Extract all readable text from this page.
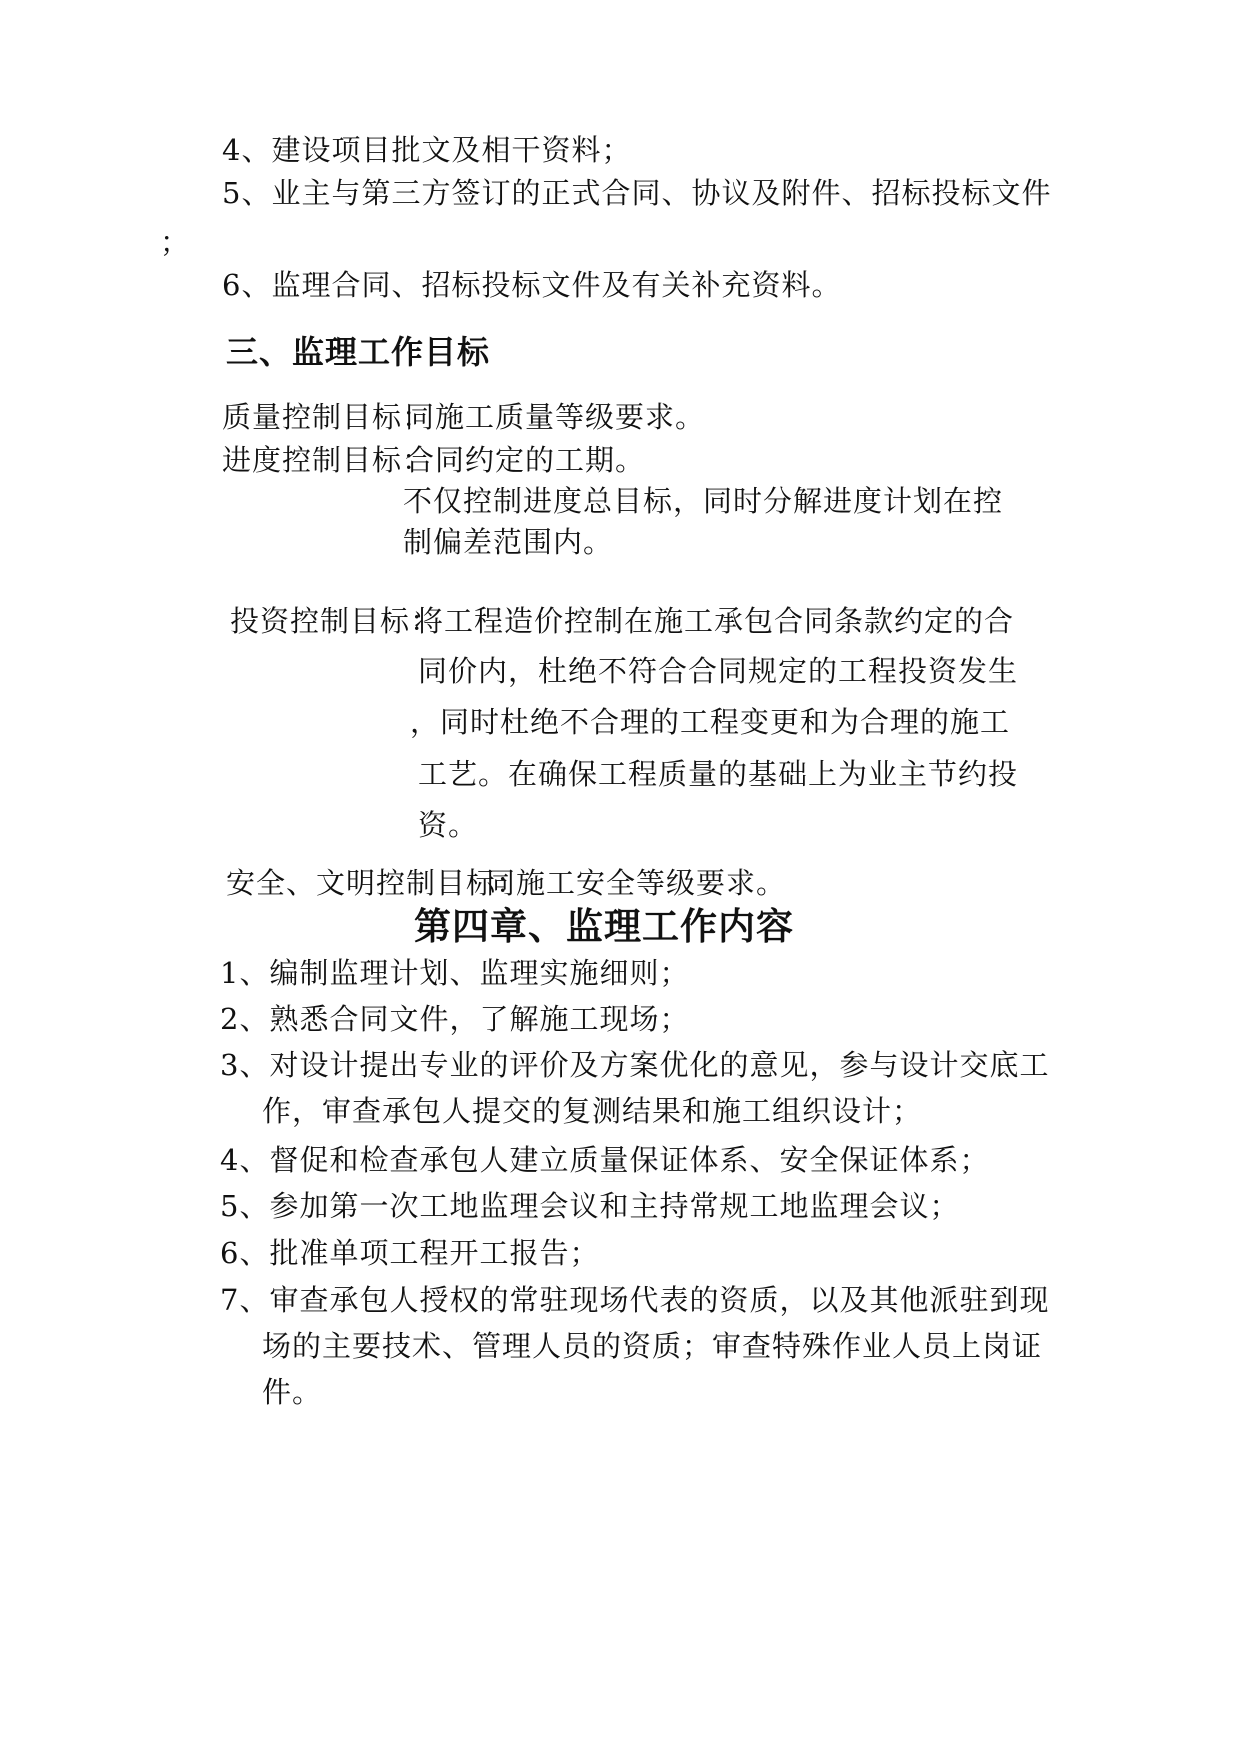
4、建设项目批文及相干资料；
5、业主与第三方签订的正式合同、协议及附件、招标投标文件
；
6、监理合同、招标投标文件及有关补充资料。
三、监理工作目标
质量控制目标：
同施工质量等级要求。
进度控制目标：
合同约定的工期。
不仅控制进度总目标，同时分解进度计划在控
制偏差范围内。
投资控制目标：
将工程造价控制在施工承包合同条款约定的合
同价内，杜绝不符合合同规定的工程投资发生
，同时杜绝不合理的工程变更和为合理的施工
工艺。在确保工程质量的基础上为业主节约投
资。
安全、文明控制目标：
同施工安全等级要求。
第四章、监理工作内容
1、编制监理计划、监理实施细则；
2、熟悉合同文件，了解施工现场；
3、对设计提出专业的评价及方案优化的意见，参与设计交底工
作，审查承包人提交的复测结果和施工组织设计；
4、督促和检查承包人建立质量保证体系、安全保证体系；
5、参加第一次工地监理会议和主持常规工地监理会议；
6、批准单项工程开工报告；
7、审查承包人授权的常驻现场代表的资质，以及其他派驻到现
场的主要技术、管理人员的资质；审查特殊作业人员上岗证
件。
